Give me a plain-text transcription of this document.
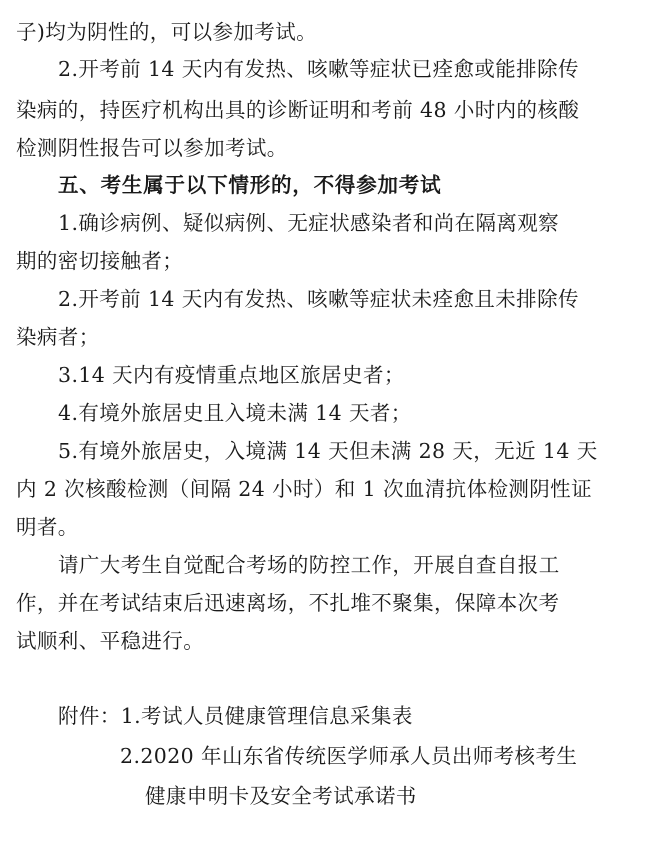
子)均为阴性的，可以参加考试。
2.开考前 14 天内有发热、咳嗽等症状已痊愈或能排除传
染病的，持医疗机构出具的诊断证明和考前 48 小时内的核酸
检测阴性报告可以参加考试。
五、考生属于以下情形的，不得参加考试
1.确诊病例、疑似病例、无症状感染者和尚在隔离观察
期的密切接触者；
2.开考前 14 天内有发热、咳嗽等症状未痊愈且未排除传
染病者；
3.14 天内有疫情重点地区旅居史者；
4.有境外旅居史且入境未满 14 天者；
5.有境外旅居史，入境满 14 天但未满 28 天，无近 14 天
内 2 次核酸检测（间隔 24 小时）和 1 次血清抗体检测阴性证
明者。
请广大考生自觉配合考场的防控工作，开展自查自报工
作，并在考试结束后迅速离场，不扎堆不聚集，保障本次考
试顺利、平稳进行。
附件：1.考试人员健康管理信息采集表
2.2020 年山东省传统医学师承人员出师考核考生
健康申明卡及安全考试承诺书
